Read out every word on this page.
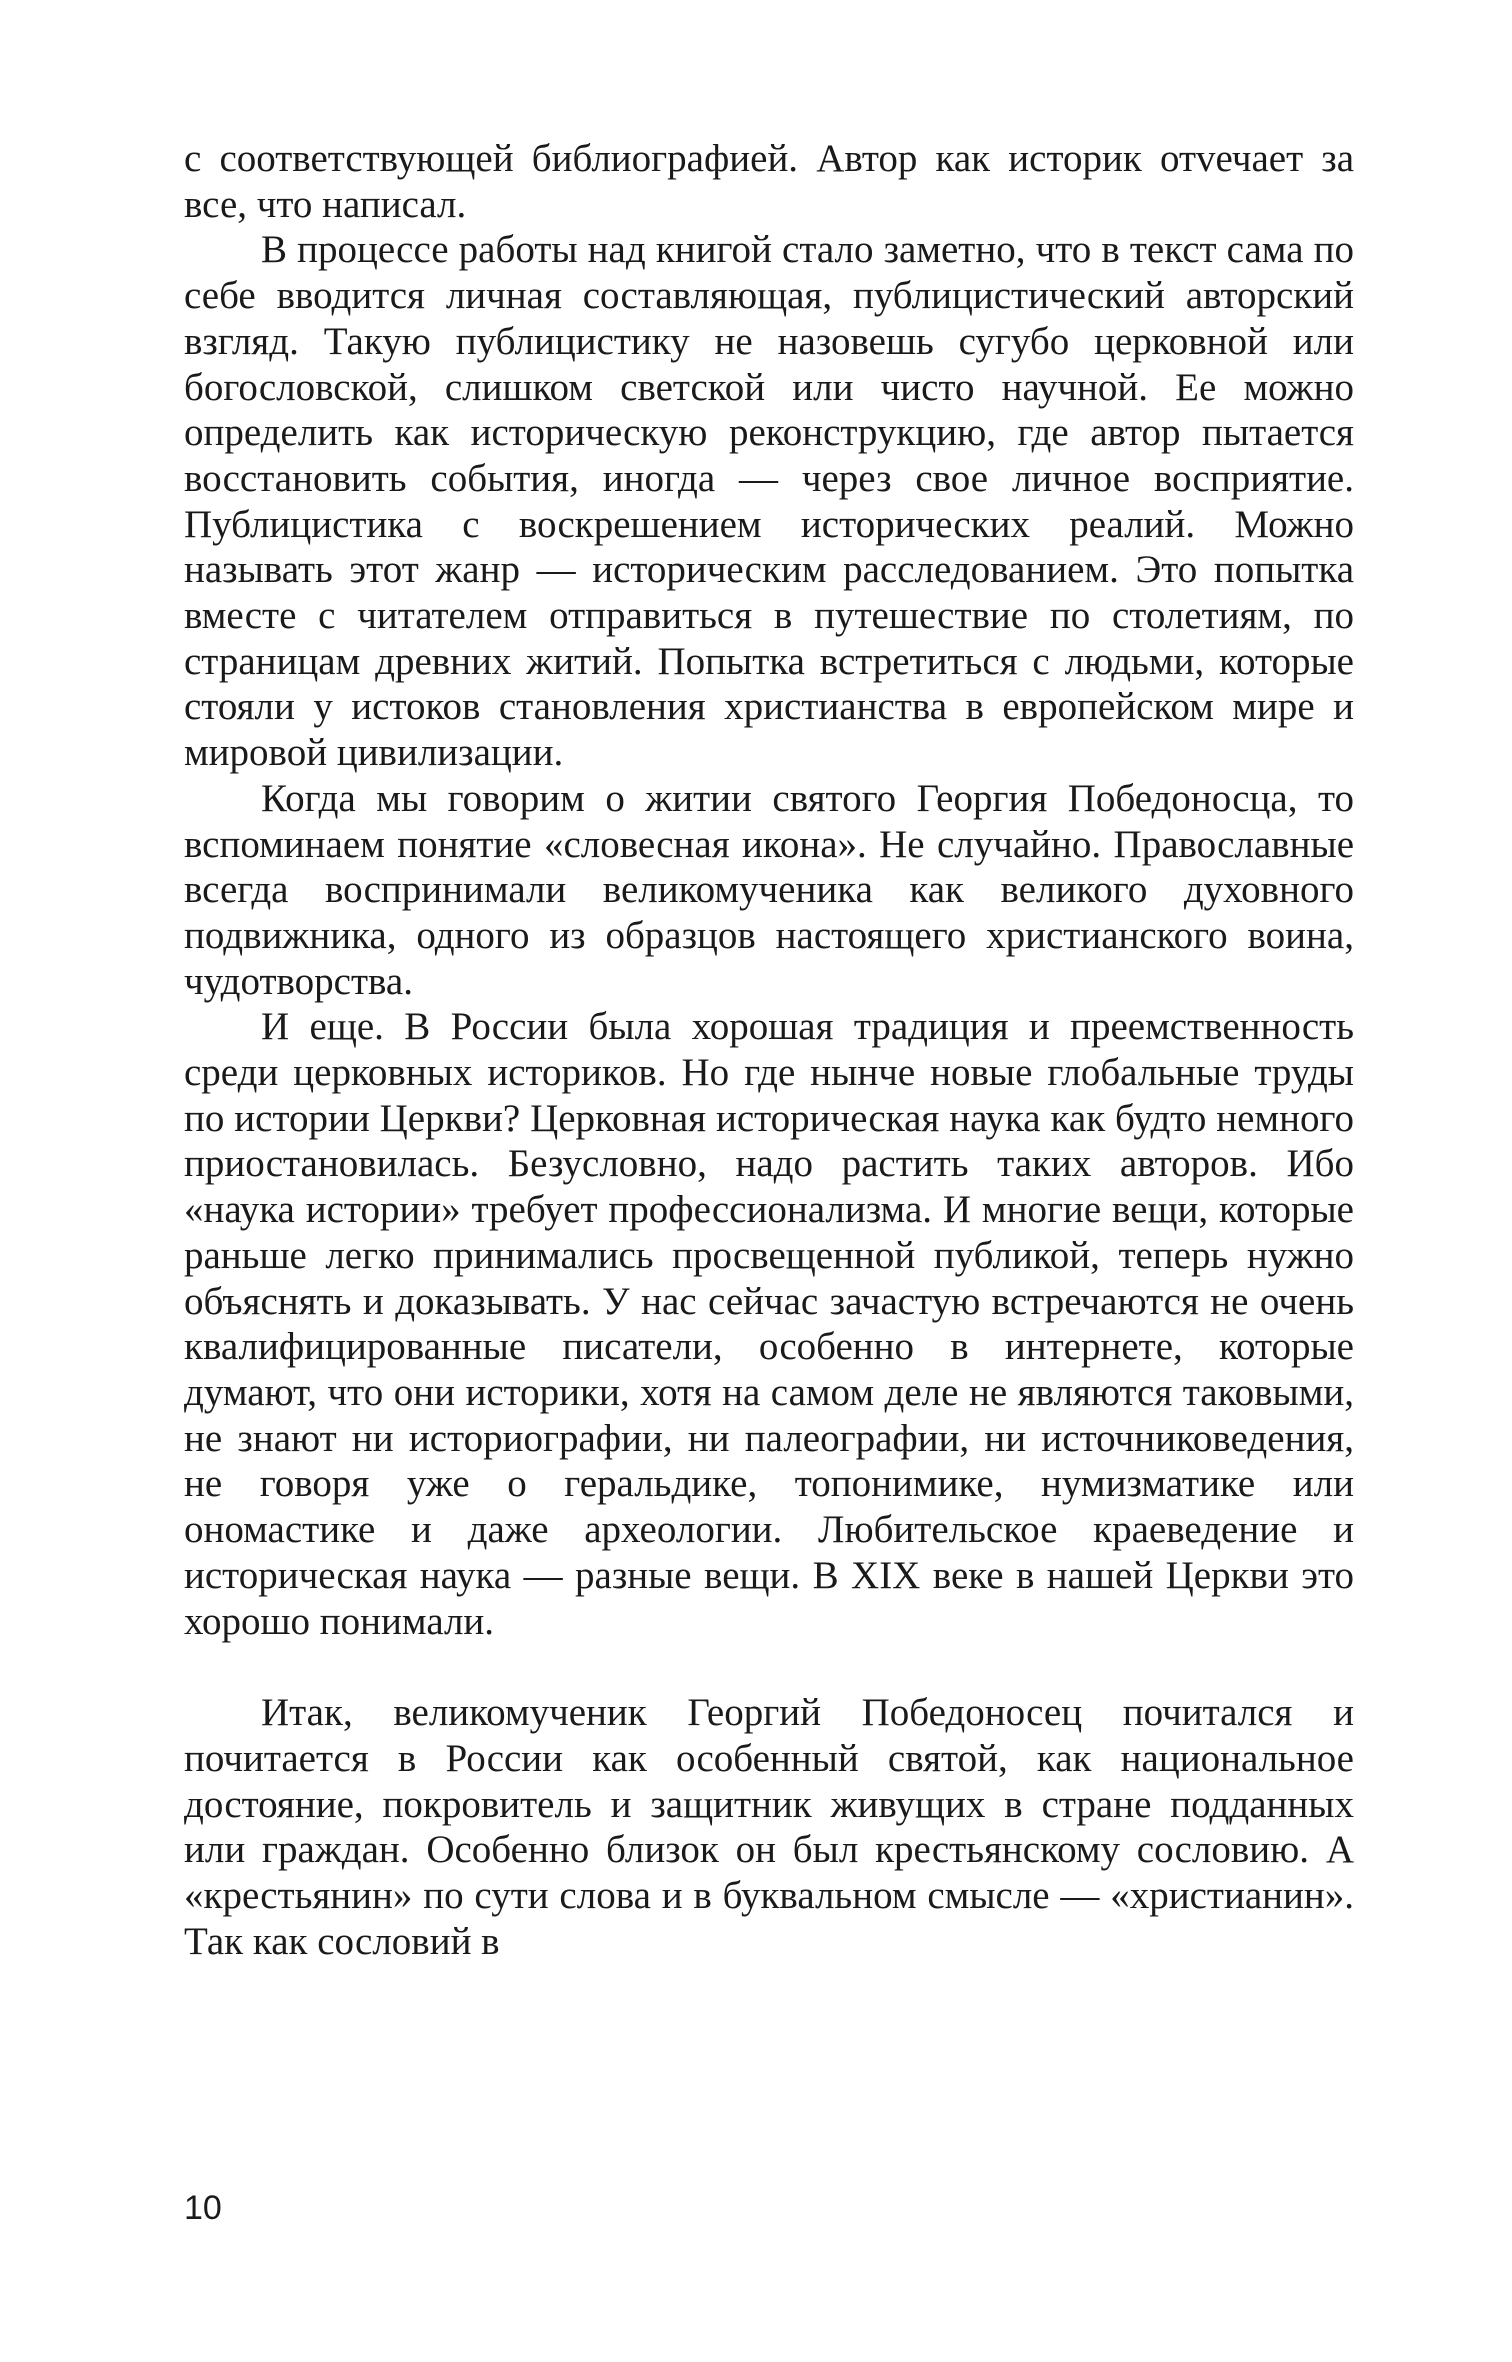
с соответствующей библиографией. Автор как историк отvечает за все, что написал.

В процессе работы над книгой стало заметно, что в текст сама по себе вводится личная составляющая, публицистический авторский взгляд. Такую публицистику не назовешь сугубо церковной или богословской, слишком светской или чисто научной. Ее можно определить как историческую реконструкцию, где автор пытается восстановить события, иногда — через свое личное восприятие. Публицистика с воскрешением исторических реалий. Можно называть этот жанр — историческим расследованием. Это попытка вместе с читателем отправиться в путешествие по столетиям, по страницам древних житий. Попытка встретиться с людьми, которые стояли у истоков становления христианства в европейском мире и мировой цивилизации.

Когда мы говорим о житии святого Георгия Победоносца, то вспоминаем понятие «словесная икона». Не случайно. Православные всегда воспринимали великомученика как великого духовного подвижника, одного из образцов настоящего христианского воина, чудотворства.

И еще. В России была хорошая традиция и преемственность среди церковных историков. Но где нынче новые глобальные труды по истории Церкви? Церковная историческая наука как будто немного приостановилась. Безусловно, надо растить таких авторов. Ибо «наука истории» требует профессионализма. И многие вещи, которые раньше легко принимались просвещенной публикой, теперь нужно объяснять и доказывать. У нас сейчас зачастую встречаются не очень квалифицированные писатели, особенно в интернете, которые думают, что они историки, хотя на самом деле не являются таковыми, не знают ни историографии, ни палеографии, ни источниковедения, не говоря уже о геральдике, топонимике, нумизматике или ономастике и даже археологии. Любительское краеведение и историческая наука — разные вещи. В XIX веке в нашей Церкви это хорошо понимали.

Итак, великомученик Георгий Победоносец почитался и почитается в России как особенный святой, как национальное достояние, покровитель и защитник живущих в стране подданных или граждан. Особенно близок он был крестьянскому сословию. А «крестьянин» по сути слова и в буквальном смысле — «христианин». Так как сословий в

10
